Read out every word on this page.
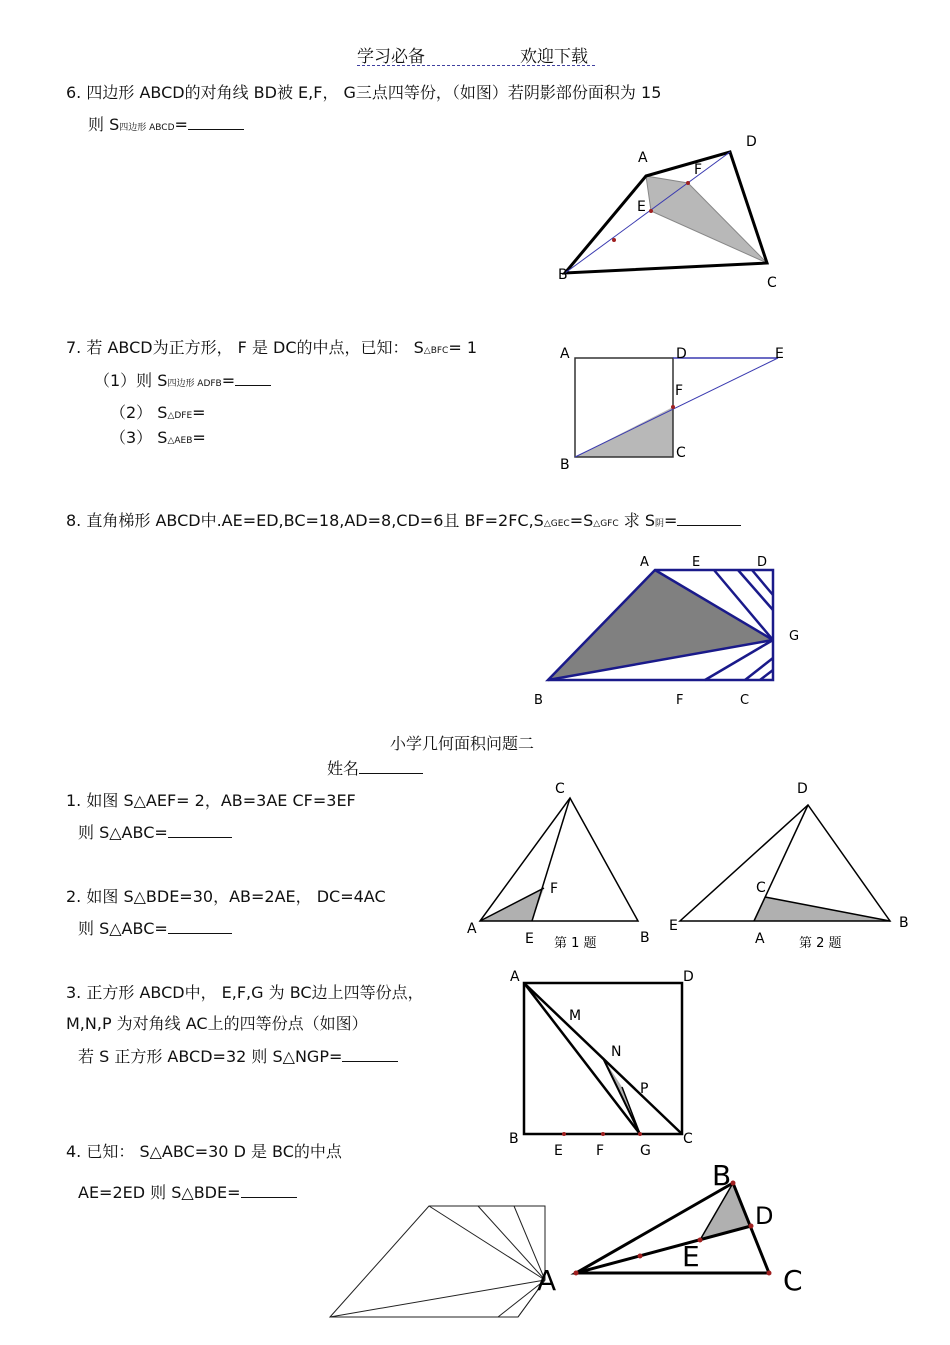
学习必备	欢迎下载
6. 四边形 ABCD的对角线 BD被 E,F， G三点四等份，（如图）若阴影部份面积为 15
则 S四边形 ABCD=
A
D
F
E
B	C
7. 若 ABCD为正方形， F 是 DC的中点，已知： S△BFC= 1
（1）则 S四边形 ADFB=
（2） S△DFE=
（3） S△AEB=
A	D	E
F
B
C
8. 直角梯形 ABCD中.AE=ED,BC=18,AD=8,CD=6且 BF=2FC,S△GEC=S△GFC 求 S阴=
A	E	D
G
B	F	C
小学几何面积问题二
姓名
1. 如图 S△AEF= 2，AB=3AE CF=3EF
则 S△ABC=
2. 如图 S△BDE=30，AB=2AE， DC=4AC
则 S△ABC=
3. 正方形 ABCD中， E,F,G 为 BC边上四等份点，
M,N,P 为对角线 AC上的四等份点（如图）
若 S 正方形 ABCD=32 则 S△NGP=
4. 已知： S△ABC=30 D 是 BC的中点
AE=2ED 则 S△BDE=
C
F
A
E	B
第 1 题
D
C
E
A
B
第 2 题
A	D
M
N
P
B	C
E F	G
B
D
E
A	C
